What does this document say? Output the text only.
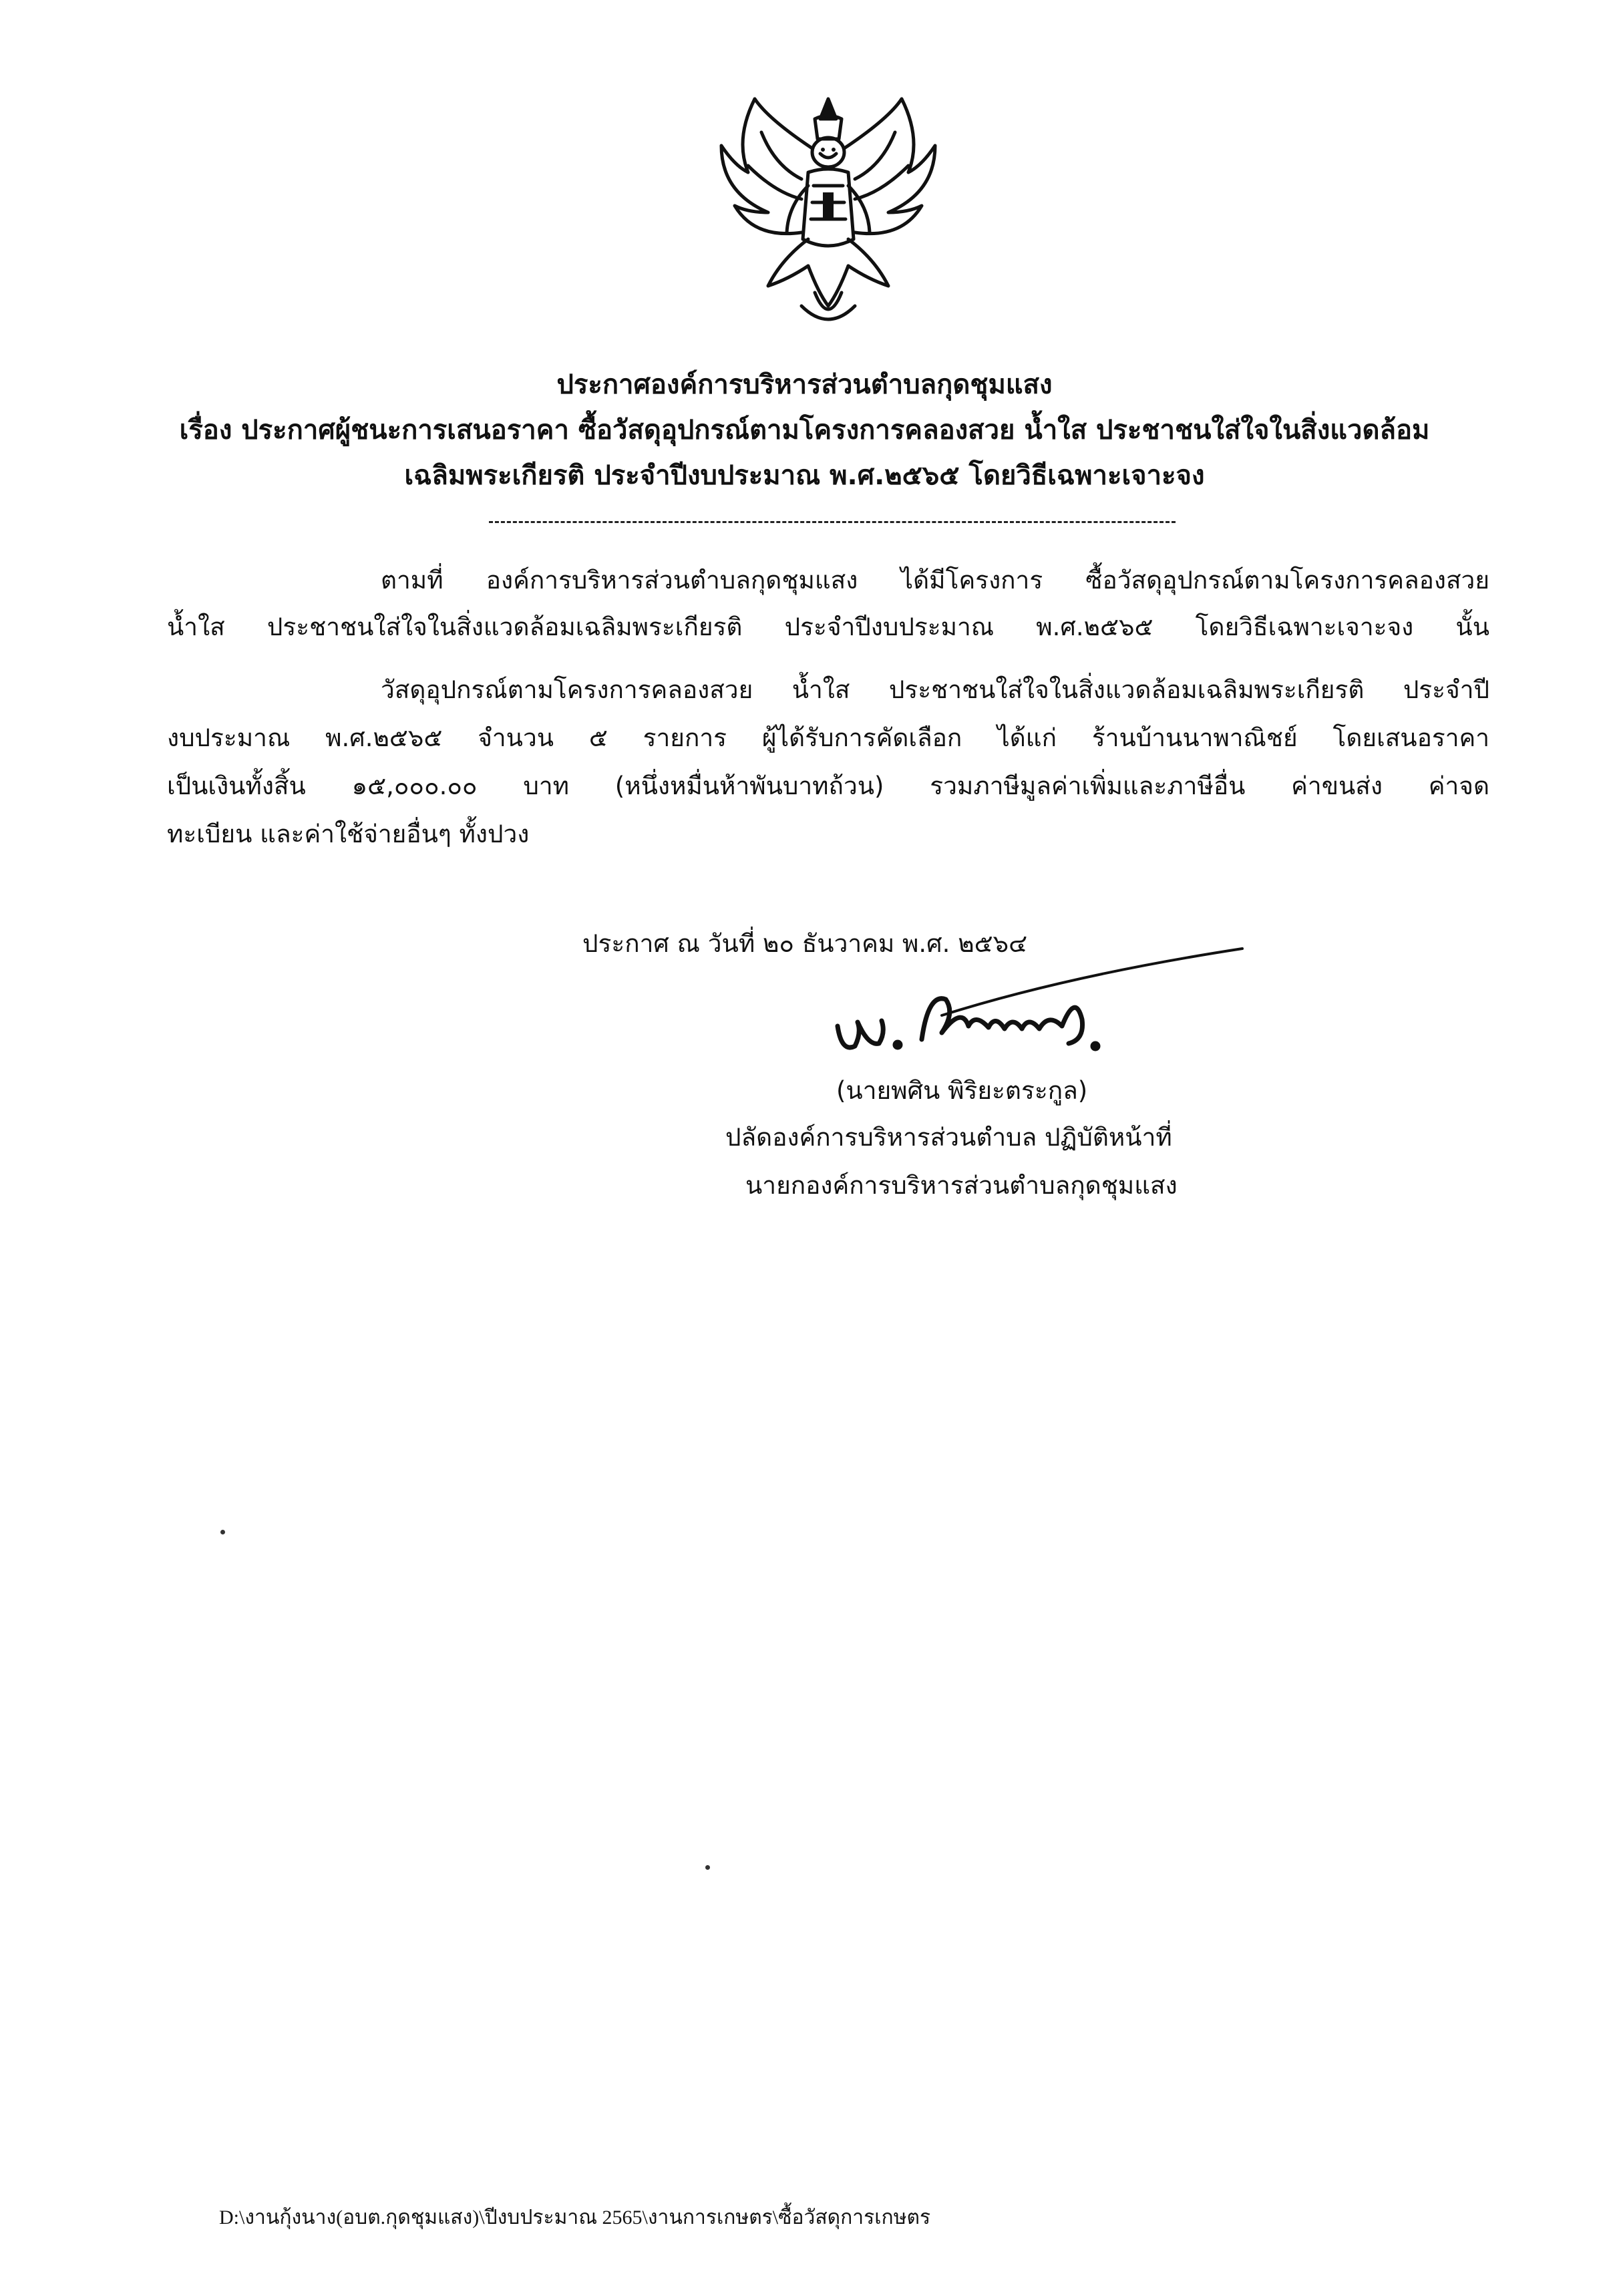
ประกาศองค์การบริหารส่วนตำบลกุดชุมแสง
เรื่อง ประกาศผู้ชนะการเสนอราคา ซื้อวัสดุอุปกรณ์ตามโครงการคลองสวย น้ำใส ประชาชนใส่ใจในสิ่งแวดล้อม
เฉลิมพระเกียรติ ประจำปีงบประมาณ พ.ศ.๒๕๖๕ โดยวิธีเฉพาะเจาะจง
ตามที่ องค์การบริหารส่วนตำบลกุดชุมแสง ได้มีโครงการ ซื้อวัสดุอุปกรณ์ตามโครงการคลองสวย
น้ำใส ประชาชนใส่ใจในสิ่งแวดล้อมเฉลิมพระเกียรติ ประจำปีงบประมาณ พ.ศ.๒๕๖๕ โดยวิธีเฉพาะเจาะจง นั้น
วัสดุอุปกรณ์ตามโครงการคลองสวย น้ำใส ประชาชนใส่ใจในสิ่งแวดล้อมเฉลิมพระเกียรติ ประจำปี
งบประมาณ พ.ศ.๒๕๖๕ จำนวน ๕ รายการ ผู้ได้รับการคัดเลือก ได้แก่ ร้านบ้านนาพาณิชย์ โดยเสนอราคา
เป็นเงินทั้งสิ้น ๑๕,๐๐๐.๐๐ บาท (หนึ่งหมื่นห้าพันบาทถ้วน) รวมภาษีมูลค่าเพิ่มและภาษีอื่น ค่าขนส่ง ค่าจด
ทะเบียน และค่าใช้จ่ายอื่นๆ ทั้งปวง
ประกาศ ณ วันที่ ๒๐ ธันวาคม พ.ศ. ๒๕๖๔
(นายพศิน พิริยะตระกูล)
ปลัดองค์การบริหารส่วนตำบล ปฏิบัติหน้าที่
นายกองค์การบริหารส่วนตำบลกุดชุมแสง
D:\งานกุ้งนาง(อบต.กุดชุมแสง)\ปีงบประมาณ 2565\งานการเกษตร\ซื้อวัสดุการเกษตร
